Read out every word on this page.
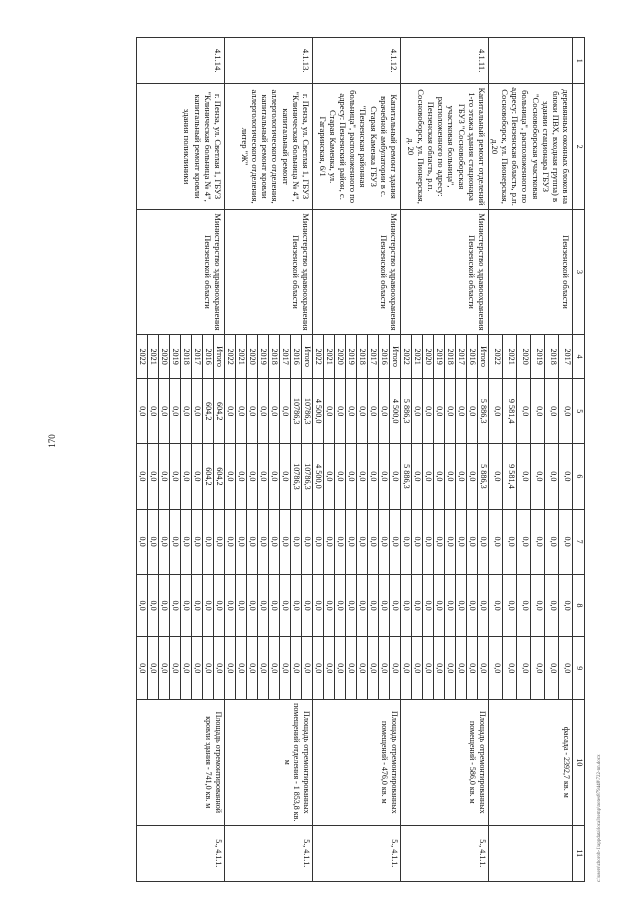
170
c:\users\zhoroh-1\appdata\local\temp\notes879448\722-nn.docx
1	2	3	4	5	6	7	8	9	10	11
	деревянных оконных блоков на блоки ПВХ, входная группа) в здании стационара ГБУЗ "Сосновоборская участковая больница", расположенного по адресу: Пензенская область, р.п. Сосновоборск, ул. Пионерская, д.20	Пензенской области	2017	0,0	0,0	0,0	0,0	0,0	фасада - 2392,7 кв. м	
			2018	0,0	0,0	0,0	0,0	0,0		
			2019	0,0	0,0	0,0	0,0	0,0		
			2020	0,0	0,0	0,0	0,0	0,0		
			2021	9 581,4	9 581,4	0,0	0,0	0,0		
			2022	0,0	0,0	0,0	0,0	0,0		
4.1.11.	Капитальный ремонт отделений 1-го этажа здания стационара ГБУЗ "Сосновоборская участковая больница", расположенного по адресу: Пензенская область, р.п. Сосновоборск, ул. Пионерская, д. 20	Министерство здравоохранения Пензенской области	Итого	5 886,3	5 886,3	0,0	0,0	0,0	Площадь отремонтированных помещений - 586,0 кв. м	5., 4.1.1.
			2016	0,0	0,0	0,0	0,0	0,0		
			2017	0,0	0,0	0,0	0,0	0,0		
			2018	0,0	0,0	0,0	0,0	0,0		
			2019	0,0	0,0	0,0	0,0	0,0		
			2020	0,0	0,0	0,0	0,0	0,0		
			2021	0,0	0,0	0,0	0,0	0,0		
			2022	5 886,3	5 886,3	0,0	0,0	0,0		
4.1.12.	Капитальный ремонт здания врачебной амбулатории в с. Старая Каменка ГБУЗ "Пензенская районная больница", расположенного по адресу: Пензенский район, с. Старая Каменка, ул. Гагаринская, 6/1	Министерство здравоохранения Пензенской области	Итого	4 500,0	0,0	0,0	0,0	0,0	Площадь отремонтированных помещений - 476,0 кв. м	5., 4.1.1.
			2016	0,0	0,0	0,0	0,0	0,0		
			2017	0,0	0,0	0,0	0,0	0,0		
			2018	0,0	0,0	0,0	0,0	0,0		
			2019	0,0	0,0	0,0	0,0	0,0		
			2020	0,0	0,0	0,0	0,0	0,0		
			2021	0,0	0,0	0,0	0,0	0,0		
			2022	4 500,0	4 500,0	0,0	0,0	0,0		
4.1.13.	г. Пенза, ул. Светлая 1, ГБУЗ "Клиническая больница № 4", капитальный ремонт аллергологического отделения, капитальный ремонт кровли аллергологического отделения, литер "Ж"	Министерство здравоохранения Пензенской области	Итого	10786,3	10786,3	0,0	0,0	0,0	Площадь отремонтированных помещений отделения - 1 853,8 кв. м	5., 4.1.1.
			2016	10786,3	10786,3	0,0	0,0	0,0		
			2017	0,0	0,0	0,0	0,0	0,0		
			2018	0,0	0,0	0,0	0,0	0,0		
			2019	0,0	0,0	0,0	0,0	0,0		
			2020	0,0	0,0	0,0	0,0	0,0		
			2021	0,0	0,0	0,0	0,0	0,0		
			2022	0,0	0,0	0,0	0,0	0,0		
4.1.14.	г. Пенза, ул. Светлая 1, ГБУЗ "Клиническая больница № 4", капитальный ремонт кровли здания поликлиники	Министерство здравоохранения Пензенской области	Итого	604,2	604,2	0,0	0,0	0,0	Площадь отремонтированной кровли здания - 741,0 кв. м	5., 4.1.1.
			2016	604,2	604,2	0,0	0,0	0,0		
			2017	0,0	0,0	0,0	0,0	0,0		
			2018	0,0	0,0	0,0	0,0	0,0		
			2019	0,0	0,0	0,0	0,0	0,0		
			2020	0,0	0,0	0,0	0,0	0,0		
			2021	0,0	0,0	0,0	0,0	0,0		
			2022	0,0	0,0	0,0	0,0	0,0		
